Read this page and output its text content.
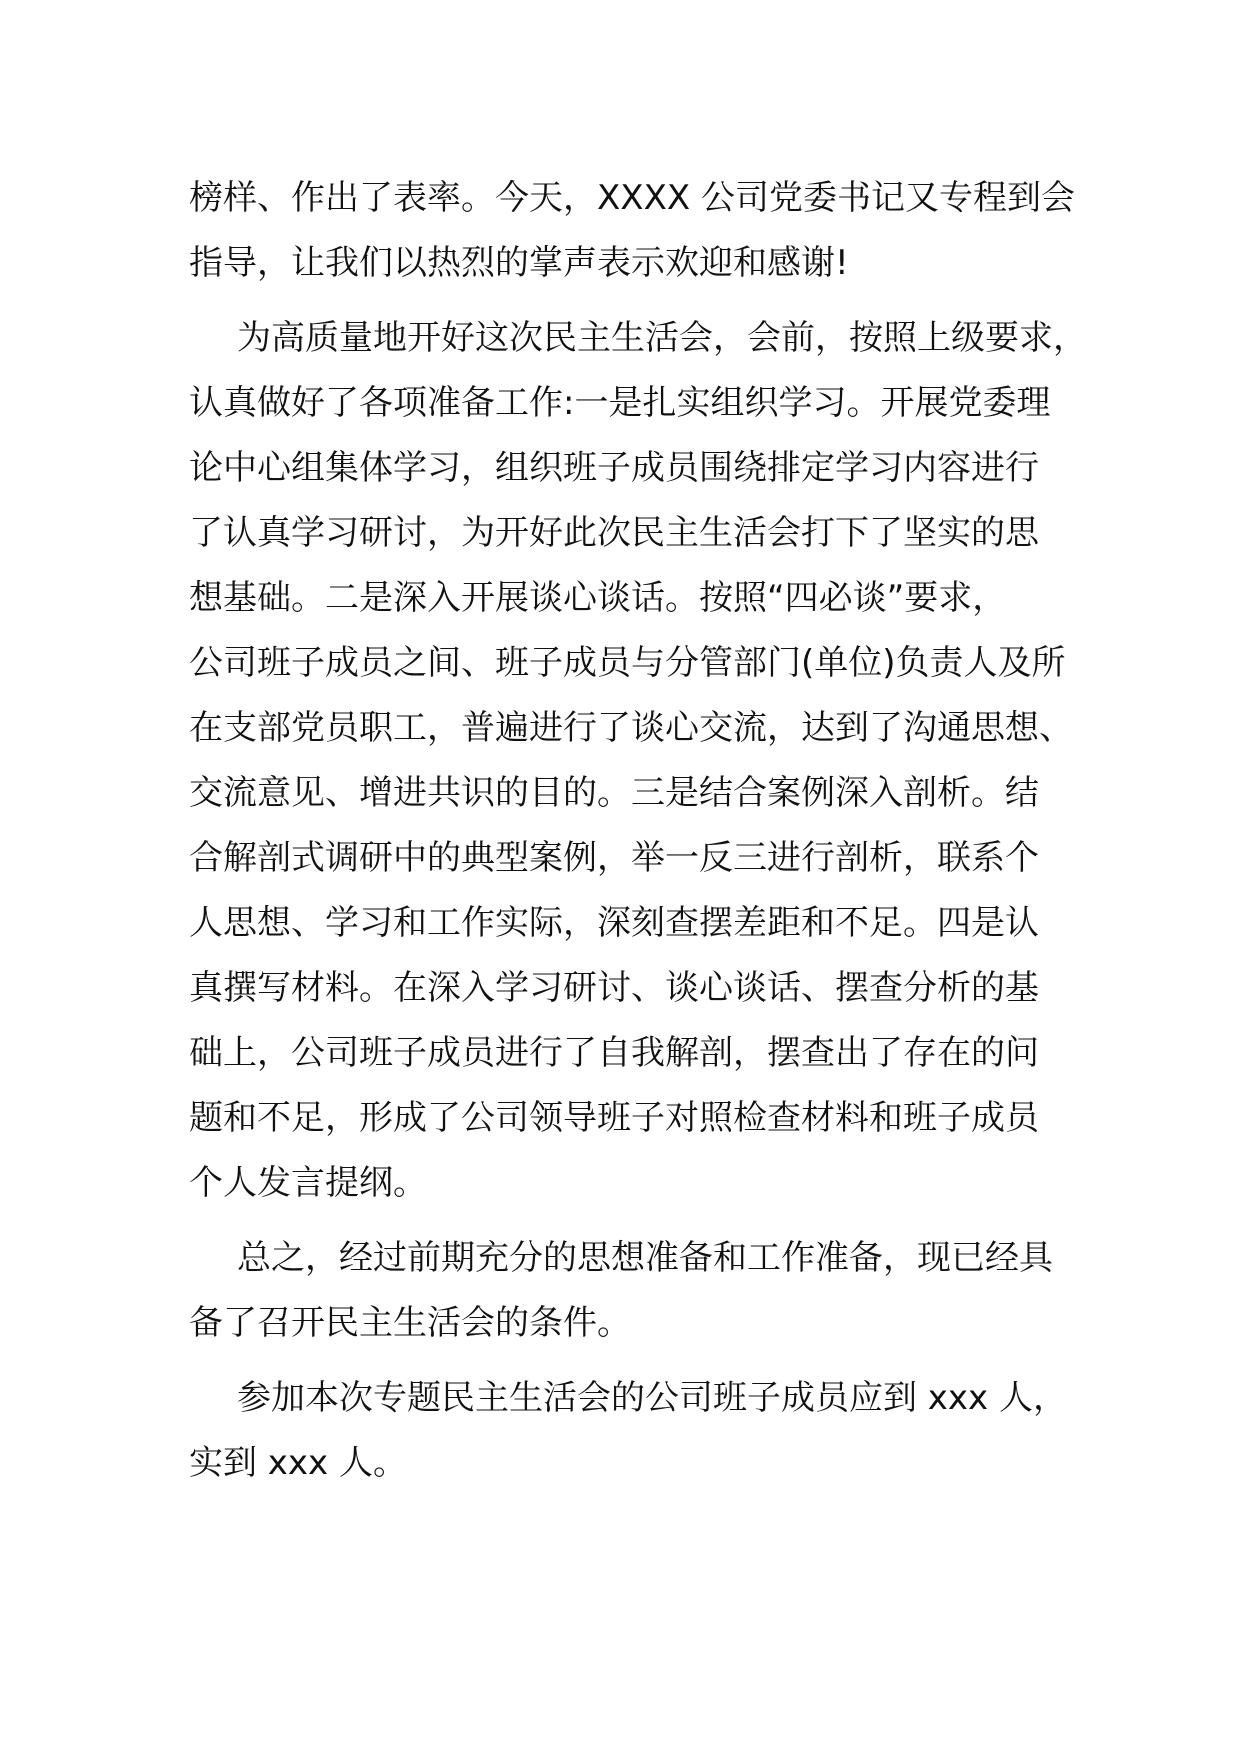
榜样、作出了表率。今天，XXXX 公司党委书记又专程到会
指导，让我们以热烈的掌声表示欢迎和感谢!
为高质量地开好这次民主生活会，会前，按照上级要求，
认真做好了各项准备工作:一是扎实组织学习。开展党委理
论中心组集体学习，组织班子成员围绕排定学习内容进行
了认真学习研讨，为开好此次民主生活会打下了坚实的思
想基础。二是深入开展谈心谈话。按照“四必谈”要求，
公司班子成员之间、班子成员与分管部门(单位)负责人及所
在支部党员职工，普遍进行了谈心交流，达到了沟通思想、
交流意见、增进共识的目的。三是结合案例深入剖析。结
合解剖式调研中的典型案例，举一反三进行剖析，联系个
人思想、学习和工作实际，深刻查摆差距和不足。四是认
真撰写材料。在深入学习研讨、谈心谈话、摆查分析的基
础上，公司班子成员进行了自我解剖，摆查出了存在的问
题和不足，形成了公司领导班子对照检查材料和班子成员
个人发言提纲。
总之，经过前期充分的思想准备和工作准备，现已经具
备了召开民主生活会的条件。
参加本次专题民主生活会的公司班子成员应到 xxx 人，
实到 xxx 人。
